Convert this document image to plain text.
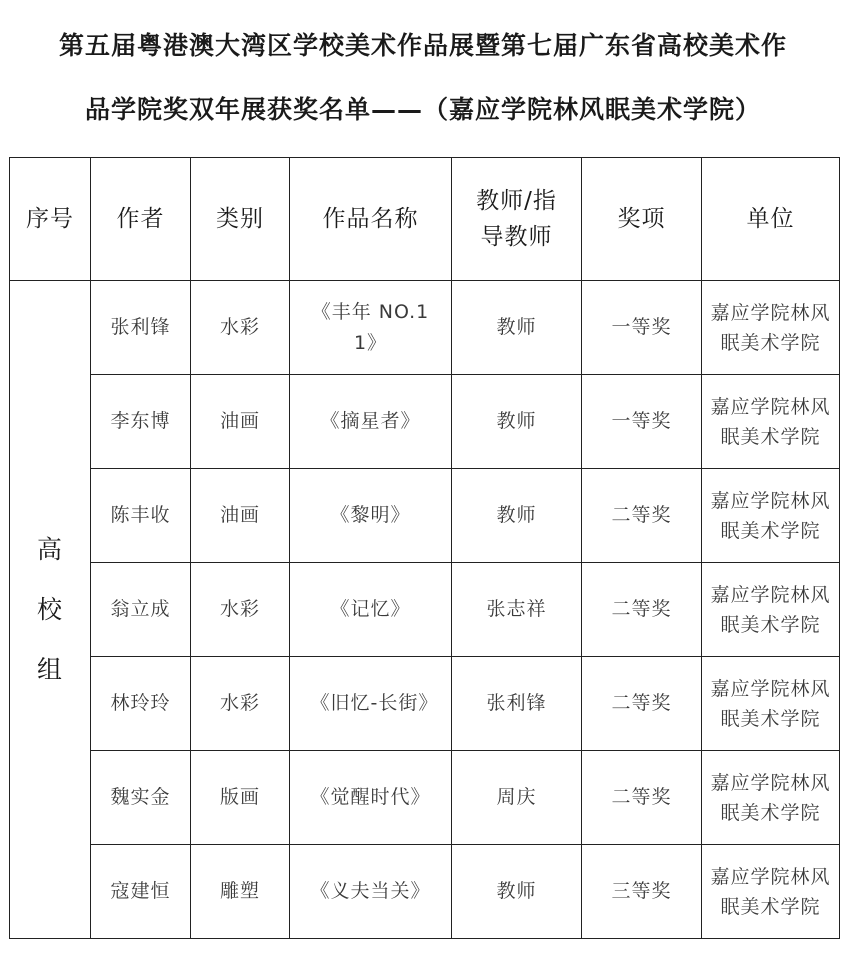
第五届粤港澳大湾区学校美术作品展暨第七届广东省高校美术作
品学院奖双年展获奖名单——（嘉应学院林风眠美术学院）
序号	作者	类别	作品名称	教师/指
导教师	奖项	单位
高校组	张利锋	水彩	《丰年 NO.11》	教师	一等奖	嘉应学院林风眠美术学院
	李东博	油画	《摘星者》	教师	一等奖	嘉应学院林风眠美术学院
	陈丰收	油画	《黎明》	教师	二等奖	嘉应学院林风眠美术学院
	翁立成	水彩	《记忆》	张志祥	二等奖	嘉应学院林风眠美术学院
	林玲玲	水彩	《旧忆-长街》	张利锋	二等奖	嘉应学院林风眠美术学院
	魏实金	版画	《觉醒时代》	周庆	二等奖	嘉应学院林风眠美术学院
	寇建恒	雕塑	《义夫当关》	教师	三等奖	嘉应学院林风眠美术学院
